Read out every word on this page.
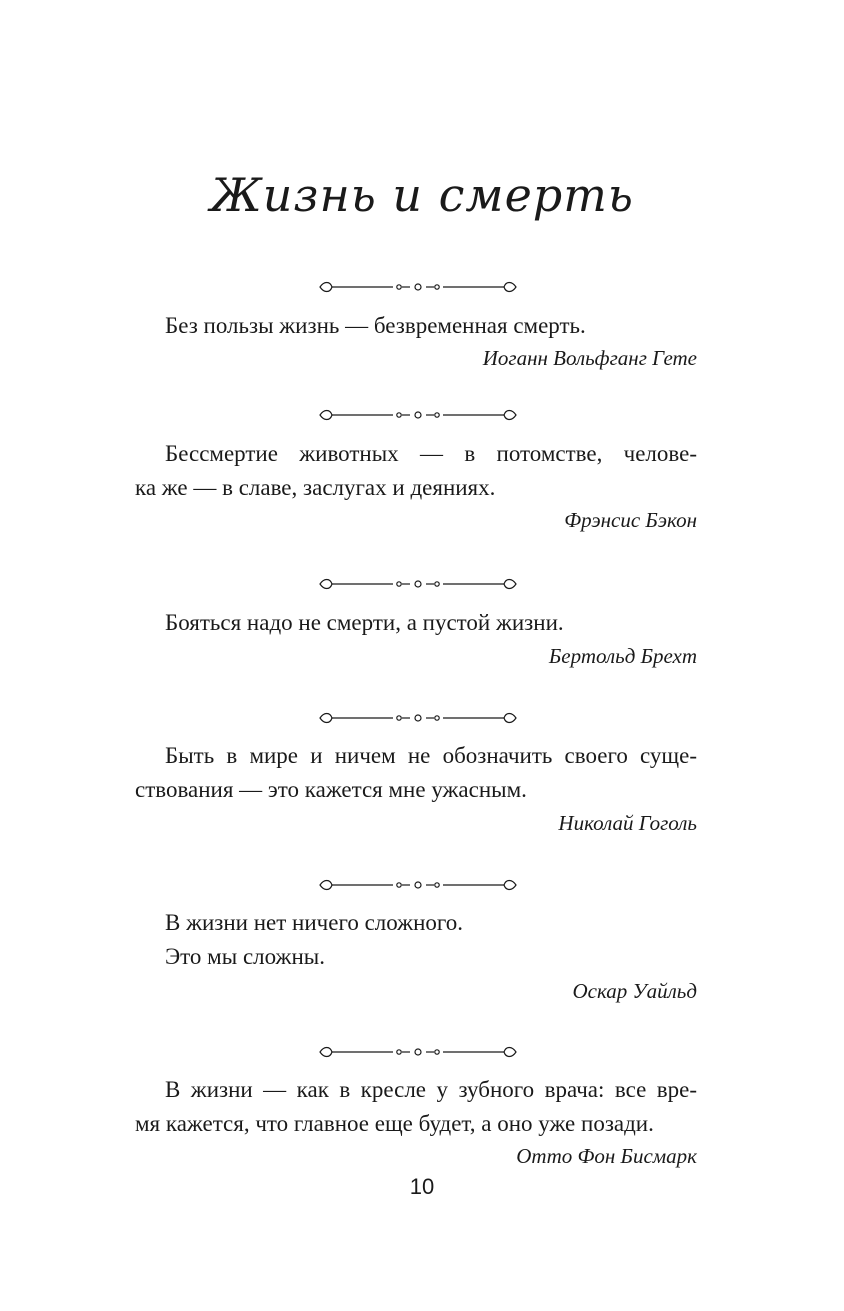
Жизнь и смерть

Без пользы жизнь — безвременная смерть.

Иоганн Вольфганг Гете

Бессмертие животных — в потомстве, челове-
ка же — в славе, заслугах и деяниях.

Фрэнсис Бэкон

Бояться надо не смерти, а пустой жизни.

Бертольд Брехт

Быть в мире и ничем не обозначить своего суще-
ствования — это кажется мне ужасным.

Николай Гоголь

В жизни нет ничего сложного.
Это мы сложны.

Оскар Уайльд

В жизни — как в кресле у зубного врача: все вре-
мя кажется, что главное еще будет, а оно уже позади.

Отто Фон Бисмарк

10
